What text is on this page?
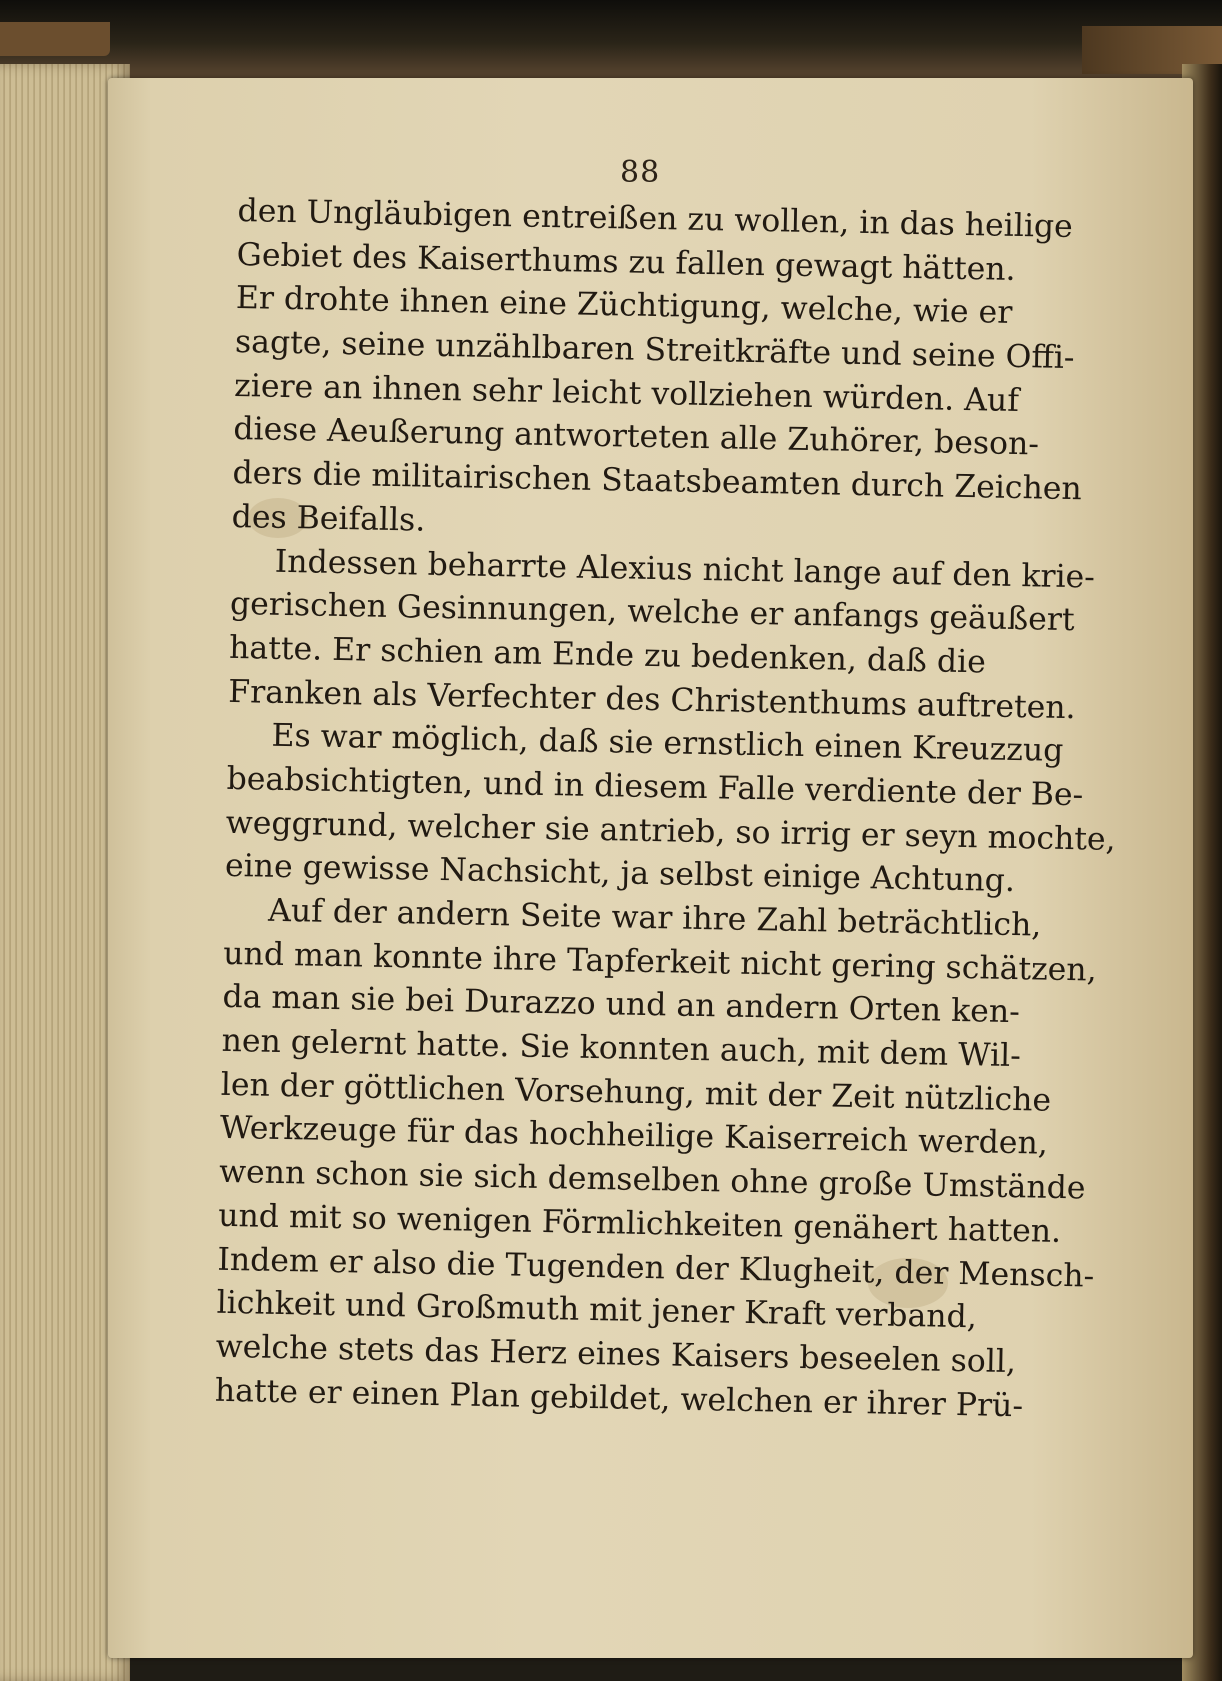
88
den Ungläubigen entreißen zu wollen, in das heilige
Gebiet des Kaiserthums zu fallen gewagt hätten.
Er drohte ihnen eine Züchtigung, welche, wie er
sagte, seine unzählbaren Streitkräfte und seine Offi-
ziere an ihnen sehr leicht vollziehen würden. Auf
diese Aeußerung antworteten alle Zuhörer, beson-
ders die militairischen Staatsbeamten durch Zeichen
des Beifalls.
Indessen beharrte Alexius nicht lange auf den krie-
gerischen Gesinnungen, welche er anfangs geäußert
hatte. Er schien am Ende zu bedenken, daß die
Franken als Verfechter des Christenthums auftreten.
Es war möglich, daß sie ernstlich einen Kreuzzug
beabsichtigten, und in diesem Falle verdiente der Be-
weggrund, welcher sie antrieb, so irrig er seyn mochte,
eine gewisse Nachsicht, ja selbst einige Achtung.
Auf der andern Seite war ihre Zahl beträchtlich,
und man konnte ihre Tapferkeit nicht gering schätzen,
da man sie bei Durazzo und an andern Orten ken-
nen gelernt hatte. Sie konnten auch, mit dem Wil-
len der göttlichen Vorsehung, mit der Zeit nützliche
Werkzeuge für das hochheilige Kaiserreich werden,
wenn schon sie sich demselben ohne große Umstände
und mit so wenigen Förmlichkeiten genähert hatten.
Indem er also die Tugenden der Klugheit, der Mensch-
lichkeit und Großmuth mit jener Kraft verband,
welche stets das Herz eines Kaisers beseelen soll,
hatte er einen Plan gebildet, welchen er ihrer Prü-
